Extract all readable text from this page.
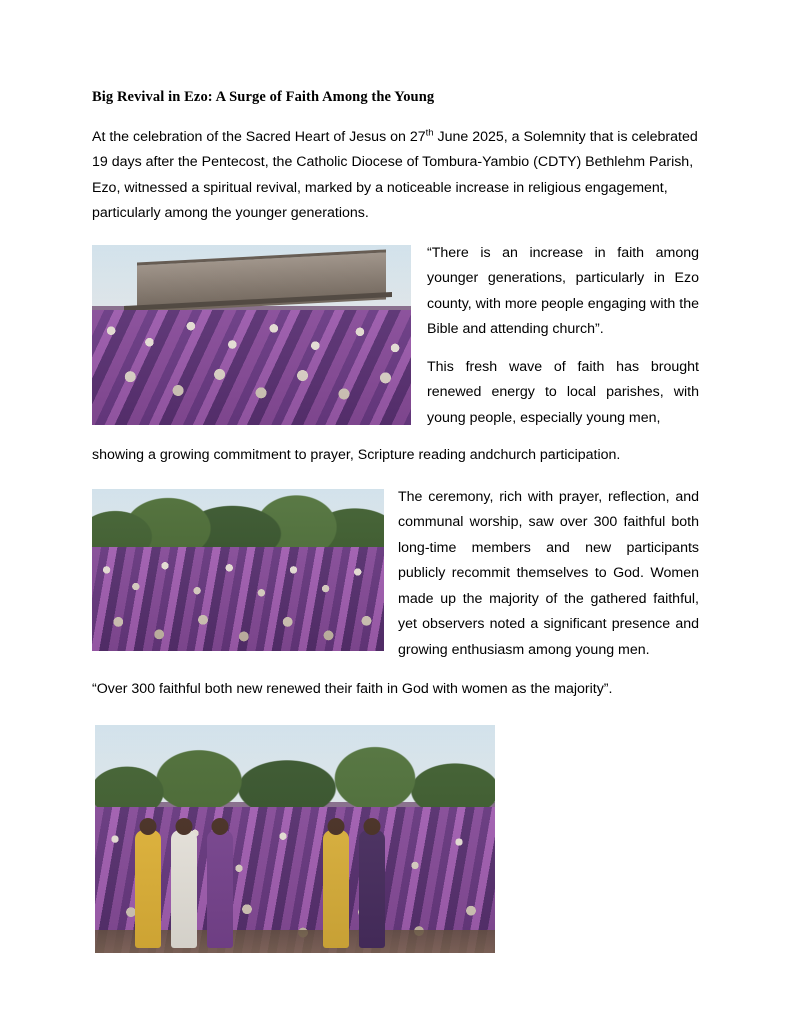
Big Revival in Ezo: A Surge of Faith Among the Young

At the celebration of the Sacred Heart of Jesus on 27th June 2025, a Solemnity that is celebrated 19 days after the Pentecost, the Catholic Diocese of Tombura-Yambio (CDTY) Bethlehm Parish, Ezo, witnessed a spiritual revival, marked by a noticeable increase in religious engagement, particularly among the younger generations.

“There is an increase in faith among younger generations, particularly in Ezo county, with more people engaging with the Bible and attending church”.

This fresh wave of faith has brought renewed energy to local parishes, with young people, especially young men,

showing a growing commitment to prayer, Scripture reading andchurch participation.

The ceremony, rich with prayer, reflection, and communal worship, saw over 300 faithful both long-time members and new participants publicly recommit themselves to God. Women made up the majority of the gathered faithful, yet observers noted a significant presence and growing enthusiasm among young men.

“Over 300 faithful both new renewed their faith in God with women as the majority”.
